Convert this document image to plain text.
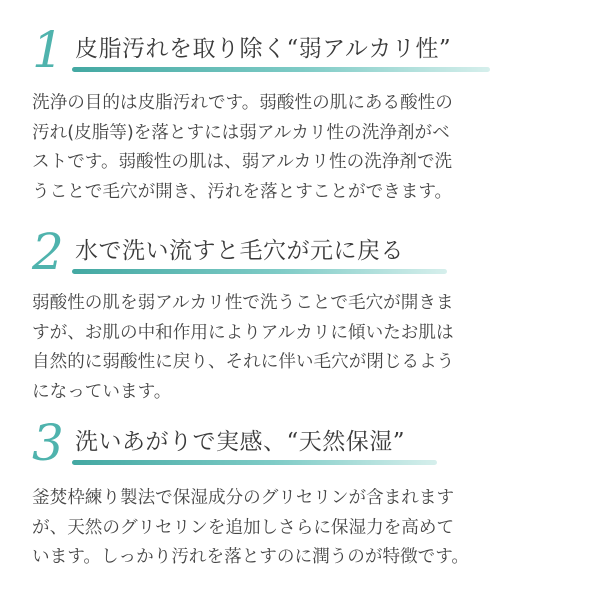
1 皮脂汚れを取り除く“弱アルカリ性”
洗浄の目的は皮脂汚れです。弱酸性の肌にある酸性の
汚れ(皮脂等)を落とすには弱アルカリ性の洗浄剤がベ
ストです。弱酸性の肌は、弱アルカリ性の洗浄剤で洗
うことで毛穴が開き、汚れを落とすことができます。
2 水で洗い流すと毛穴が元に戻る
弱酸性の肌を弱アルカリ性で洗うことで毛穴が開きま
すが、お肌の中和作用によりアルカリに傾いたお肌は
自然的に弱酸性に戻り、それに伴い毛穴が閉じるよう
になっています。
3 洗いあがりで実感、“天然保湿”
釜焚枠練り製法で保湿成分のグリセリンが含まれます
が、天然のグリセリンを追加しさらに保湿力を高めて
います。しっかり汚れを落とすのに潤うのが特徴です。
